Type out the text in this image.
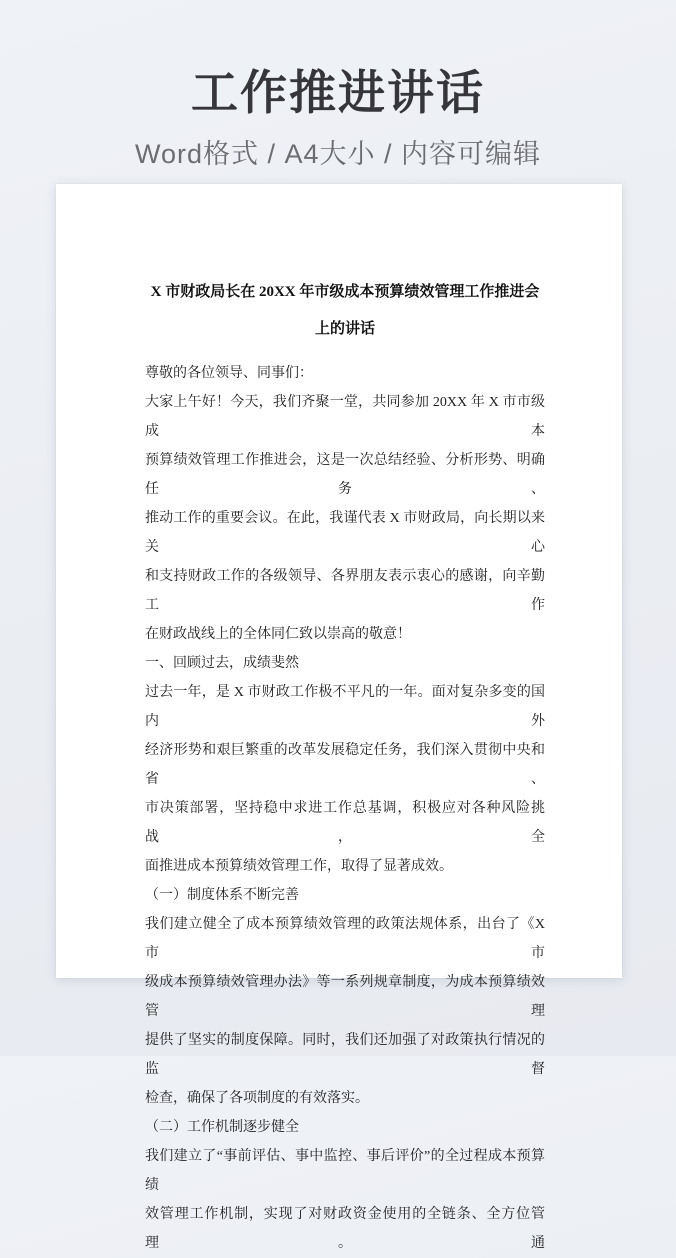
工作推进讲话

Word格式 / A4大小 / 内容可编辑

X 市财政局长在 20XX 年市级成本预算绩效管理工作推进会
上的讲话

尊敬的各位领导、同事们：

大家上午好！今天，我们齐聚一堂，共同参加 20XX 年 X 市市级成本

预算绩效管理工作推进会，这是一次总结经验、分析形势、明确任务、

推动工作的重要会议。在此，我谨代表 X 市财政局，向长期以来关心

和支持财政工作的各级领导、各界朋友表示衷心的感谢，向辛勤工作

在财政战线上的全体同仁致以崇高的敬意！

一、回顾过去，成绩斐然

过去一年，是 X 市财政工作极不平凡的一年。面对复杂多变的国内外

经济形势和艰巨繁重的改革发展稳定任务，我们深入贯彻中央和省、

市决策部署，坚持稳中求进工作总基调，积极应对各种风险挑战，全

面推进成本预算绩效管理工作，取得了显著成效。

（一）制度体系不断完善

我们建立健全了成本预算绩效管理的政策法规体系，出台了《X 市市

级成本预算绩效管理办法》等一系列规章制度，为成本预算绩效管理

提供了坚实的制度保障。同时，我们还加强了对政策执行情况的监督

检查，确保了各项制度的有效落实。

（二）工作机制逐步健全

我们建立了“事前评估、事中监控、事后评价”的全过程成本预算绩

效管理工作机制，实现了对财政资金使用的全链条、全方位管理。通
